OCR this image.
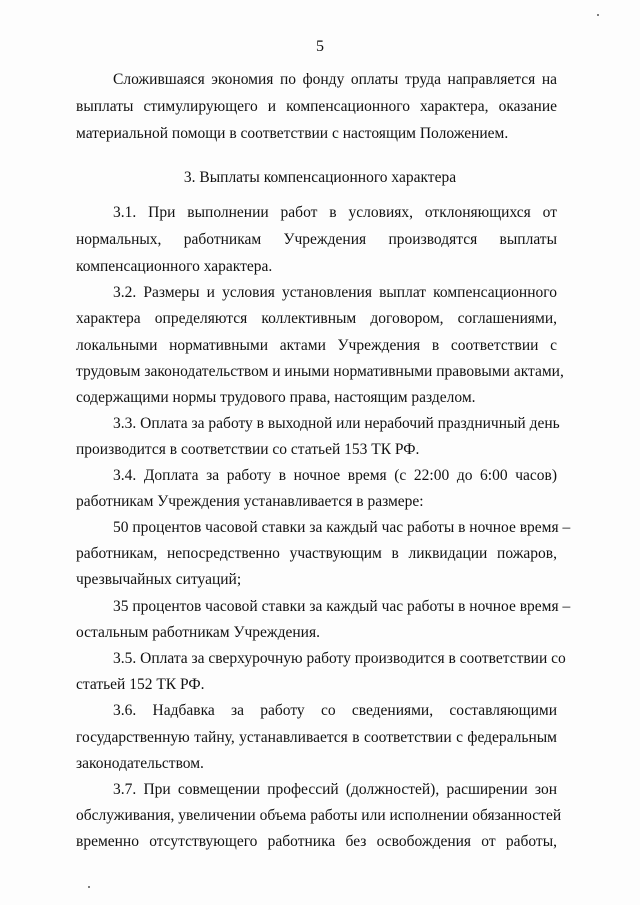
5
Сложившаяся экономия по фонду оплаты труда направляется на
выплаты стимулирующего и компенсационного характера, оказание
материальной помощи в соответствии с настоящим Положением.
3. Выплаты компенсационного характера
3.1. При выполнении работ в условиях, отклоняющихся от
нормальных, работникам Учреждения производятся выплаты
компенсационного характера.
3.2. Размеры и условия установления выплат компенсационного
характера определяются коллективным договором, соглашениями,
локальными нормативными актами Учреждения в соответствии с
трудовым законодательством и иными нормативными правовыми актами,
содержащими нормы трудового права, настоящим разделом.
3.3. Оплата за работу в выходной или нерабочий праздничный день
производится в соответствии со статьей 153 ТК РФ.
3.4. Доплата за работу в ночное время (с 22:00 до 6:00 часов)
работникам Учреждения устанавливается в размере:
50 процентов часовой ставки за каждый час работы в ночное время –
работникам, непосредственно участвующим в ликвидации пожаров,
чрезвычайных ситуаций;
35 процентов часовой ставки за каждый час работы в ночное время –
остальным работникам Учреждения.
3.5. Оплата за сверхурочную работу производится в соответствии со
статьей 152 ТК РФ.
3.6. Надбавка за работу со сведениями, составляющими
государственную тайну, устанавливается в соответствии с федеральным
законодательством.
3.7. При совмещении профессий (должностей), расширении зон
обслуживания, увеличении объема работы или исполнении обязанностей
временно отсутствующего работника без освобождения от работы,
